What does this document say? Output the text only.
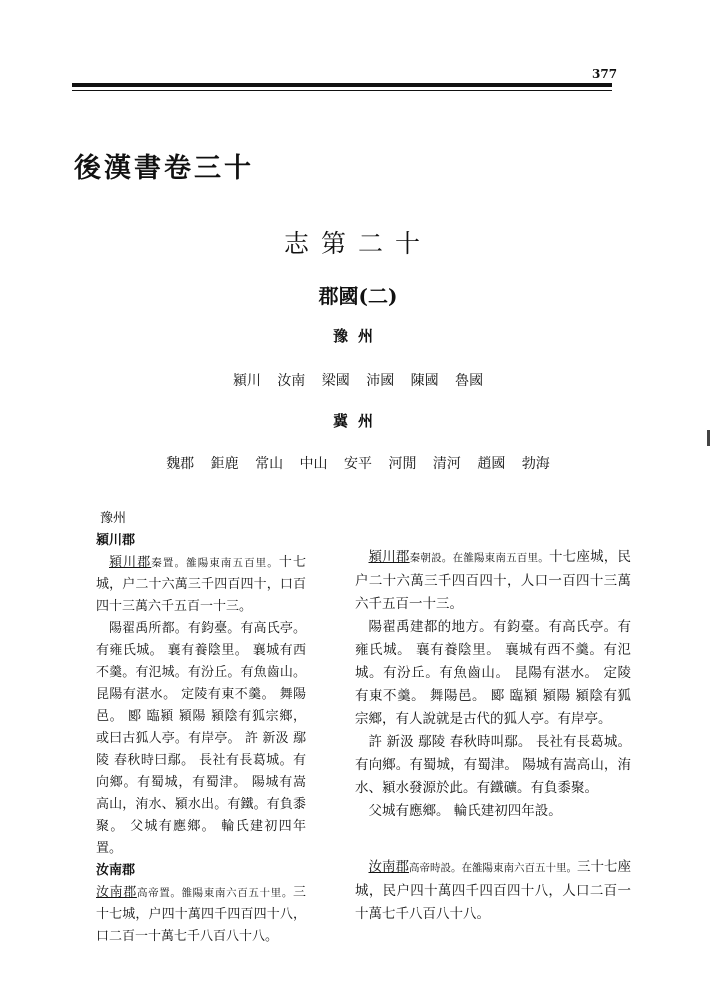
377
後漢書卷三十
志第二十
郡國(二)
豫州
潁川 汝南 梁國 沛國 陳國 魯國
冀州
魏郡 鉅鹿 常山 中山 安平 河閒 清河 趙國 勃海

豫州

潁川郡

潁川郡秦置。雒陽東南五百里。十七城，户二十六萬三千四百四十，口百四十三萬六千五百一十三。

陽翟禹所都。有鈞臺。有高氏亭。有雍氏城。 襄有養陰里。 襄城有西不羹。有氾城。有汾丘。有魚齒山。 昆陽有湛水。 定陵有東不羹。 舞陽邑。 郾 臨潁 潁陽 潁陰有狐宗鄉，或曰古狐人亭。有岸亭。 許 新汲 鄢陵 春秋時曰鄢。 長社有長葛城。有向鄉。有蜀城，有蜀津。 陽城有嵩高山，洧水、潁水出。有鐵。有負黍聚。 父城有應鄉。 輪氏建初四年置。

汝南郡

汝南郡高帝置。雒陽東南六百五十里。三十七城，户四十萬四千四百四十八，口二百一十萬七千八百八十八。

潁川郡秦朝設。在雒陽東南五百里。十七座城，民户二十六萬三千四百四十，人口一百四十三萬六千五百一十三。

陽翟禹建都的地方。有鈞臺。有高氏亭。有雍氏城。 襄有養陰里。 襄城有西不羹。有氾城。有汾丘。有魚齒山。 昆陽有湛水。 定陵有東不羹。 舞陽邑。 郾 臨潁 潁陽 潁陰有狐宗鄉，有人說就是古代的狐人亭。有岸亭。

許 新汲 鄢陵 春秋時叫鄢。 長社有長葛城。有向鄉。有蜀城，有蜀津。 陽城有嵩高山，洧水、潁水發源於此。有鐵礦。有負黍聚。

父城有應鄉。 輪氏建初四年設。

汝南郡高帝時設。在雒陽東南六百五十里。三十七座城，民户四十萬四千四百四十八，人口二百一十萬七千八百八十八。
